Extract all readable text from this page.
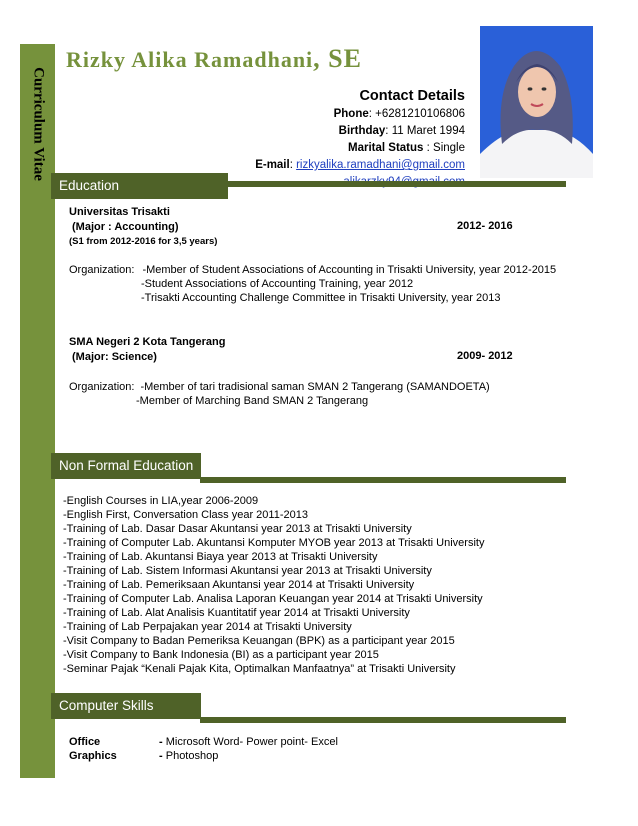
Curriculum Vitae
Rizky Alika Ramadhani, SE
Contact Details
Phone: +6281210106806
Birthday: 11 Maret 1994
Marital Status : Single
E-mail: rizkyalika.ramadhani@gmail.com
Education
Universitas Trisakti
(Major : Accounting)
(S1 from 2012-2016 for 3,5 years)
2012- 2016
Organization: -Member of Student Associations of Accounting in Trisakti University, year 2012-2015
-Student Associations of Accounting Training, year 2012
-Trisakti Accounting Challenge Committee in Trisakti University, year 2013
SMA Negeri 2 Kota Tangerang
(Major: Science)	2009- 2012
Organization: -Member of tari tradisional saman SMAN 2 Tangerang (SAMANDOETA)
-Member of Marching Band SMAN 2 Tangerang
Non Formal Education
-English Courses in LIA,year 2006-2009
-English First, Conversation Class year 2011-2013
-Training of Lab. Dasar Dasar Akuntansi year 2013 at Trisakti University
-Training of Computer Lab. Akuntansi Komputer MYOB year 2013 at Trisakti University
-Training of Lab. Akuntansi Biaya year 2013 at Trisakti University
-Training of Lab. Sistem Informasi Akuntansi year 2013 at Trisakti University
-Training of Lab. Pemeriksaan Akuntansi year 2014 at Trisakti University
-Training of Computer Lab. Analisa Laporan Keuangan year 2014 at Trisakti University
-Training of Lab. Alat Analisis Kuantitatif year 2014 at Trisakti University
-Training of Lab Perpajakan year 2014 at Trisakti University
-Visit Company to Badan Pemeriksa Keuangan (BPK) as a participant year 2015
-Visit Company to Bank Indonesia (BI) as a participant year 2015
-Seminar Pajak “Kenali Pajak Kita, Optimalkan Manfaatnya” at Trisakti University
Computer Skills
Office	- Microsoft Word- Power point- Excel
Graphics	- Photoshop
